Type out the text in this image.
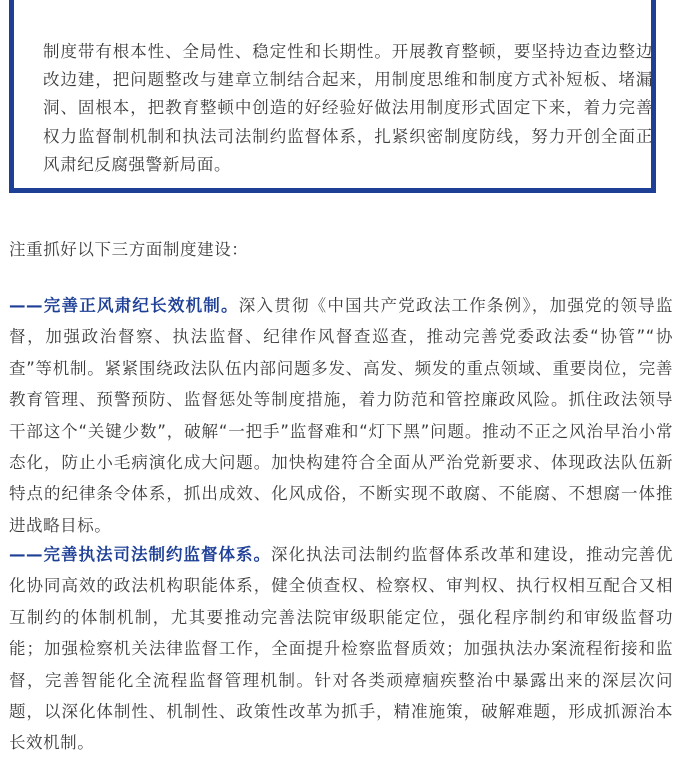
制度带有根本性、全局性、稳定性和长期性。开展教育整顿，要坚持边查边整边改边建，把问题整改与建章立制结合起来，用制度思维和制度方式补短板、堵漏洞、固根本，把教育整顿中创造的好经验好做法用制度形式固定下来，着力完善权力监督制机制和执法司法制约监督体系，扎紧织密制度防线，努力开创全面正风肃纪反腐强警新局面。

注重抓好以下三方面制度建设：

——完善正风肃纪长效机制。深入贯彻《中国共产党政法工作条例》，加强党的领导监督，加强政治督察、执法监督、纪律作风督查巡查，推动完善党委政法委“协管”“协查”等机制。紧紧围绕政法队伍内部问题多发、高发、频发的重点领域、重要岗位，完善教育管理、预警预防、监督惩处等制度措施，着力防范和管控廉政风险。抓住政法领导干部这个“关键少数”，破解“一把手”监督难和“灯下黑”问题。推动不正之风治早治小常态化，防止小毛病演化成大问题。加快构建符合全面从严治党新要求、体现政法队伍新特点的纪律条令体系，抓出成效、化风成俗，不断实现不敢腐、不能腐、不想腐一体推进战略目标。

——完善执法司法制约监督体系。深化执法司法制约监督体系改革和建设，推动完善优化协同高效的政法机构职能体系，健全侦查权、检察权、审判权、执行权相互配合又相互制约的体制机制，尤其要推动完善法院审级职能定位，强化程序制约和审级监督功能；加强检察机关法律监督工作，全面提升检察监督质效；加强执法办案流程衔接和监督，完善智能化全流程监督管理机制。针对各类顽瘴痼疾整治中暴露出来的深层次问题，以深化体制性、机制性、政策性改革为抓手，精准施策，破解难题，形成抓源治本长效机制。
